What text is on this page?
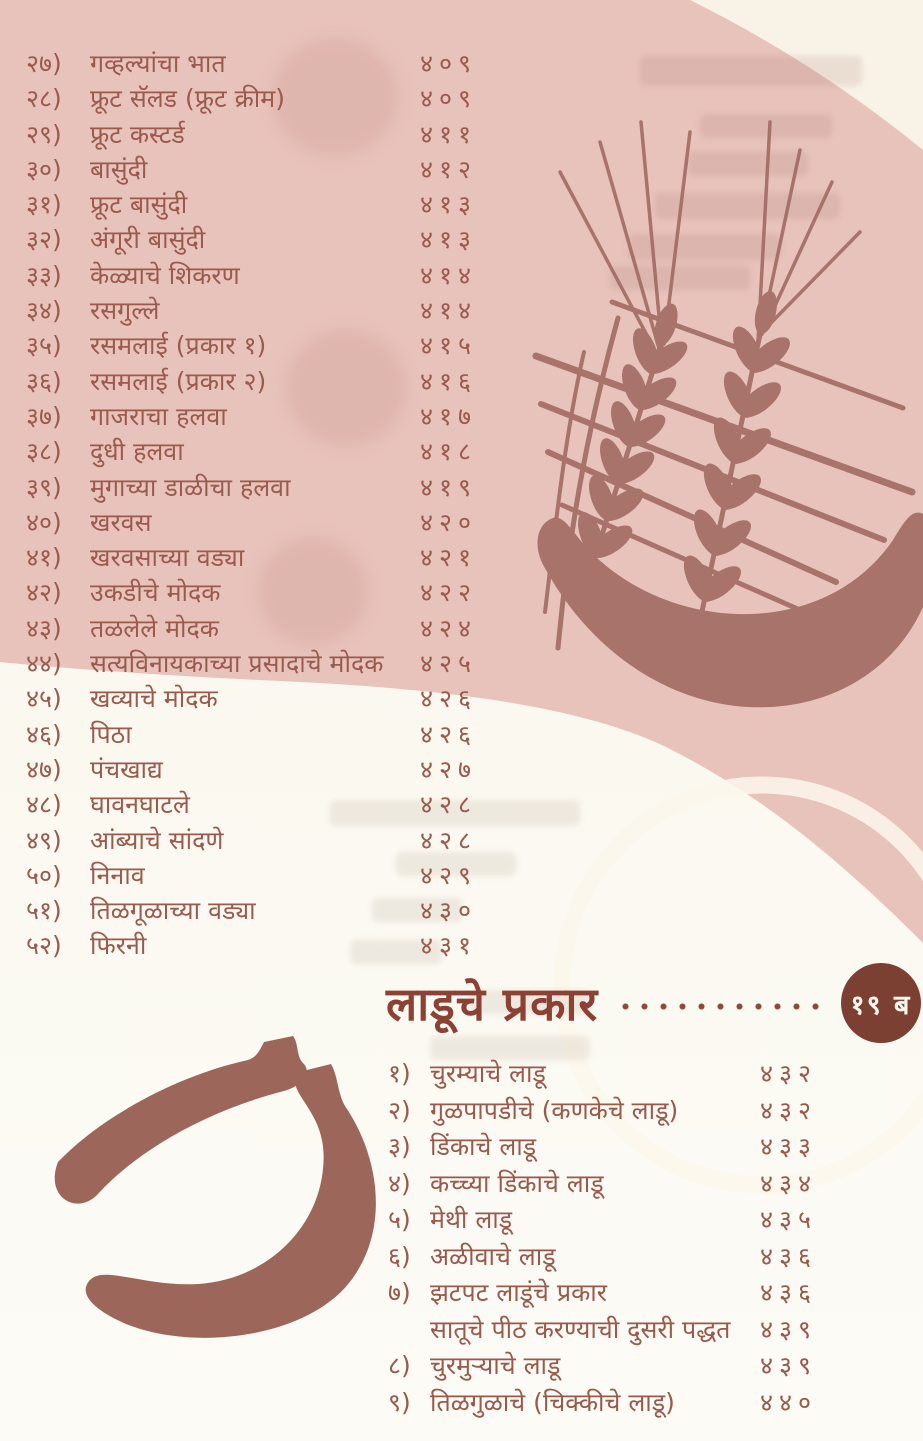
२७)	गव्हल्यांचा भात	४०९
२८)	फ्रूट सॅलड (फ्रूट क्रीम)	४०९
२९)	फ्रूट कस्टर्ड	४११
३०)	बासुंदी	४१२
३१)	फ्रूट बासुंदी	४१३
३२)	अंगूरी बासुंदी	४१३
३३)	केळ्याचे शिकरण	४१४
३४)	रसगुल्ले	४१४
३५)	रसमलाई (प्रकार १)	४१५
३६)	रसमलाई (प्रकार २)	४१६
३७)	गाजराचा हलवा	४१७
३८)	दुधी हलवा	४१८
३९)	मुगाच्या डाळीचा हलवा	४१९
४०)	खरवस	४२०
४१)	खरवसाच्या वड्या	४२१
४२)	उकडीचे मोदक	४२२
४३)	तळलेले मोदक	४२४
४४)	सत्यविनायकाच्या प्रसादाचे मोदक	४२५
४५)	खव्याचे मोदक	४२६
४६)	पिठा	४२६
४७)	पंचखाद्य	४२७
४८)	घावनघाटले	४२८
४९)	आंब्याचे सांदणे	४२८
५०)	निनाव	४२९
५१)	तिळगूळाच्या वड्या	४३०
५२)	फिरनी	४३१
लाडूचे प्रकार	१९ ब
१) चुरम्याचे लाडू	४३२
२) गुळपापडीचे (कणकेचे लाडू)	४३२
३) डिंकाचे लाडू	४३३
४) कच्च्या डिंकाचे लाडू	४३४
५) मेथी लाडू	४३५
६) अळीवाचे लाडू	४३६
७) झटपट लाडूंचे प्रकार	४३६
सातूचे पीठ करण्याची दुसरी पद्धत	४३९
८) चुरमुऱ्याचे लाडू	४३९
९) तिळगुळाचे (चिक्कीचे लाडू)	४४०
